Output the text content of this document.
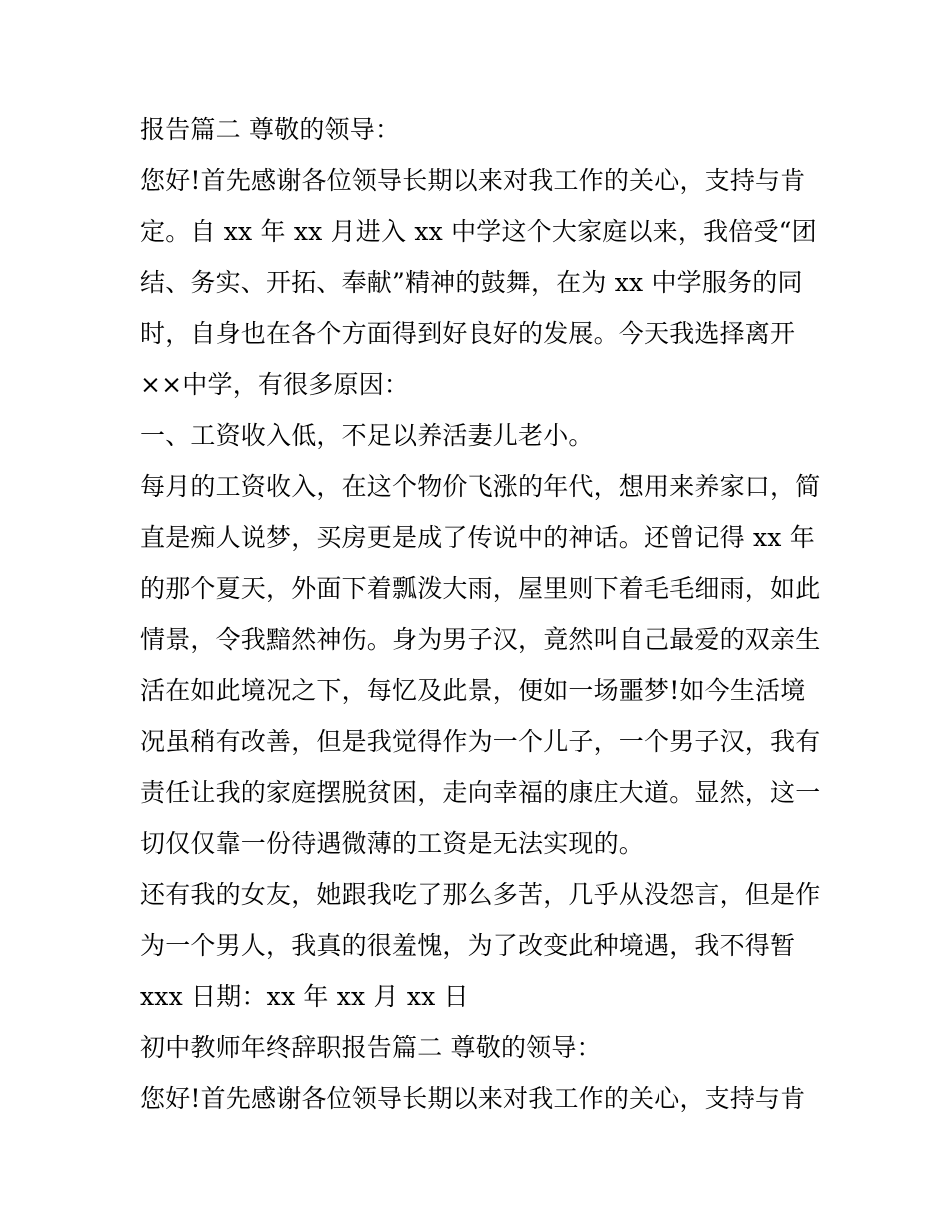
报告篇二 尊敬的领导：
您好!首先感谢各位领导长期以来对我工作的关心，支持与肯
定。自 xx 年 xx 月进入 xx 中学这个大家庭以来，我倍受“团
结、务实、开拓、奉献”精神的鼓舞，在为 xx 中学服务的同
时，自身也在各个方面得到好良好的发展。今天我选择离开
××中学，有很多原因：
一、工资收入低，不足以养活妻儿老小。
每月的工资收入，在这个物价飞涨的年代，想用来养家口，简
直是痴人说梦，买房更是成了传说中的神话。还曾记得 xx 年
的那个夏天，外面下着瓢泼大雨，屋里则下着毛毛细雨，如此
情景，令我黯然神伤。身为男子汉，竟然叫自己最爱的双亲生
活在如此境况之下，每忆及此景，便如一场噩梦!如今生活境
况虽稍有改善，但是我觉得作为一个儿子，一个男子汉，我有
责任让我的家庭摆脱贫困，走向幸福的康庄大道。显然，这一
切仅仅靠一份待遇微薄的工资是无法实现的。
还有我的女友，她跟我吃了那么多苦，几乎从没怨言，但是作
为一个男人，我真的很羞愧，为了改变此种境遇，我不得暂
xxx 日期：xx 年 xx 月 xx 日
初中教师年终辞职报告篇二 尊敬的领导：
您好!首先感谢各位领导长期以来对我工作的关心，支持与肯
